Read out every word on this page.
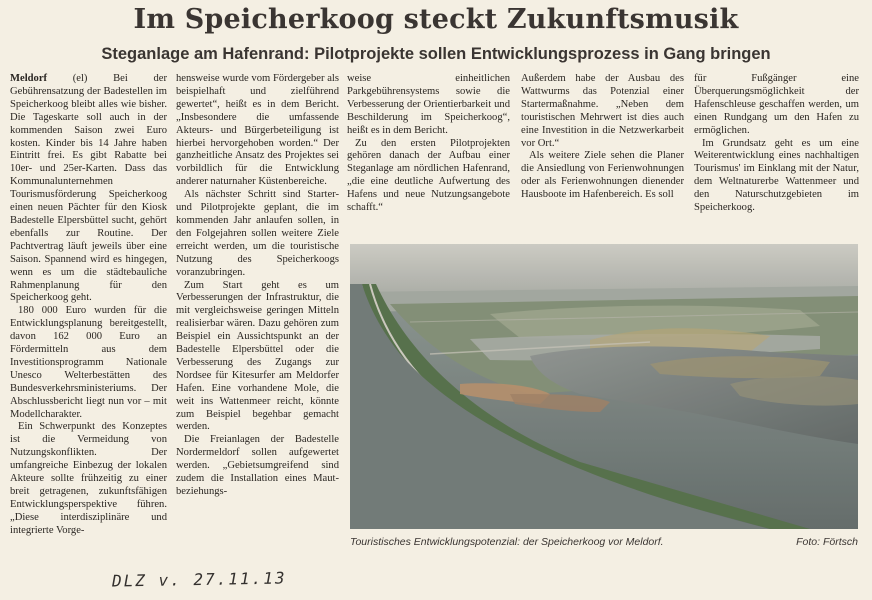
Im Speicherkoog steckt Zukunftsmusik
Steganlage am Hafenrand: Pilotprojekte sollen Entwicklungsprozess in Gang bringen

Meldorf (el) Bei der Gebührensatzung der Badestellen im Speicherkoog bleibt alles wie bisher. Die Tageskarte soll auch in der kommenden Saison zwei Euro kosten. Kinder bis 14 Jahre haben Eintritt frei. Es gibt Rabatte bei 10er- und 25er-Karten. Dass das Kommunalunternehmen Tourismusförderung Speicherkoog einen neuen Pächter für den Kiosk Badestelle Elpersbüttel sucht, gehört ebenfalls zur Routine. Der Pachtvertrag läuft jeweils über eine Saison. Spannend wird es hingegen, wenn es um die städtebauliche Rahmenplanung für den Speicherkoog geht.

180 000 Euro wurden für die Entwicklungsplanung bereitgestellt, davon 162 000 Euro an Fördermitteln aus dem Investitionsprogramm Nationale Unesco Welterbestätten des Bundesverkehrsministeriums. Der Abschlussbericht liegt nun vor – mit Modellcharakter.

Ein Schwerpunkt des Konzeptes ist die Vermeidung von Nutzungskonflikten. Der umfangreiche Einbezug der lokalen Akteure sollte frühzeitig zu einer breit getragenen, zukunftsfähigen Entwicklungsperspektive führen. „Diese interdisziplinäre und integrierte Vorge-

hensweise wurde vom Fördergeber als beispielhaft und zielführend gewertet“, heißt es in dem Bericht. „Insbesondere die umfassende Akteurs- und Bürgerbeteiligung ist hierbei hervorgehoben worden.“ Der ganzheitliche Ansatz des Projektes sei vorbildlich für die Entwicklung anderer naturnaher Küstenbereiche.

Als nächster Schritt sind Starter- und Pilotprojekte geplant, die im kommenden Jahr anlaufen sollen, in den Folgejahren sollen weitere Ziele erreicht werden, um die touristische Nutzung des Speicherkoogs voranzubringen.

Zum Start geht es um Verbesserungen der Infrastruktur, die mit vergleichsweise geringen Mitteln realisierbar wären. Dazu gehören zum Beispiel ein Aussichtspunkt an der Badestelle Elpersbüttel oder die Verbesserung des Zugangs zur Nordsee für Kitesurfer am Meldorfer Hafen. Eine vorhandene Mole, die weit ins Wattenmeer reicht, könnte zum Beispiel begehbar gemacht werden.

Die Freianlagen der Badestelle Nordermeldorf sollen aufgewertet werden. „Gebietsumgreifend sind zudem die Installation eines Maut- beziehungs-

weise einheitlichen Parkgebührensystems sowie die Verbesserung der Orientierbarkeit und Beschilderung im Speicherkoog“, heißt es in dem Bericht.

Zu den ersten Pilotprojekten gehören danach der Aufbau einer Steganlage am nördlichen Hafenrand, „die eine deutliche Aufwertung des Hafens und neue Nutzungsangebote schafft.“

Außerdem habe der Ausbau des Wattwurms das Potenzial einer Startermaßnahme. „Neben dem touristischen Mehrwert ist dies auch eine Investition in die Netzwerkarbeit vor Ort.“

Als weitere Ziele sehen die Planer die Ansiedlung von Ferienwohnungen oder als Ferienwohnungen dienender Hausboote im Hafenbereich. Es soll

für Fußgänger eine Überquerungsmöglichkeit der Hafenschleuse geschaffen werden, um einen Rundgang um den Hafen zu ermöglichen.

Im Grundsatz geht es um eine Weiterentwicklung eines nachhaltigen Tourismus' im Einklang mit der Natur, dem Weltnaturerbe Wattenmeer und den Naturschutzgebieten im Speicherkoog.

Touristisches Entwicklungspotenzial: der Speicherkoog vor Meldorf.	Foto: Förtsch
DLZ v. 27.11.13
